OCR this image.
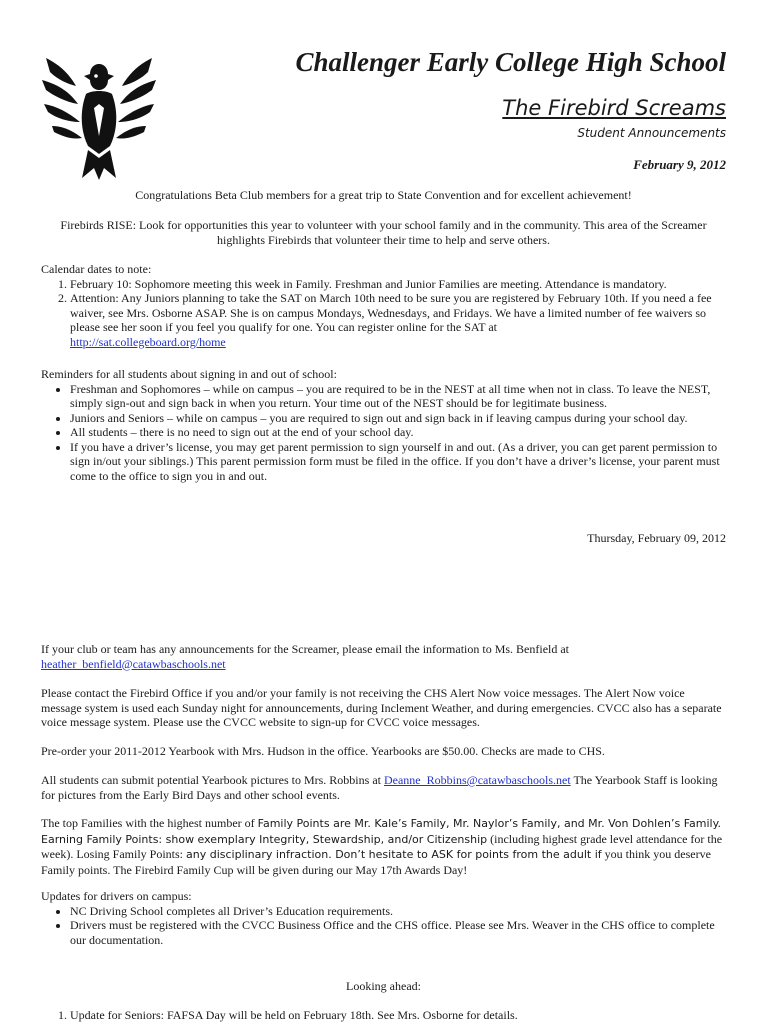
Challenger Early College High School
The Firebird Screams
Student Announcements
February 9, 2012

Congratulations Beta Club members for a great trip to State Convention and for excellent achievement!

Firebirds RISE: Look for opportunities this year to volunteer with your school family and in the community. This area of the Screamer highlights Firebirds that volunteer their time to help and serve others.

Calendar dates to note:

1. February 10: Sophomore meeting this week in Family. Freshman and Junior Families are meeting. Attendance is mandatory.
2. Attention: Any Juniors planning to take the SAT on March 10th need to be sure you are registered by February 10th. If you need a fee waiver, see Mrs. Osborne ASAP. She is on campus Mondays, Wednesdays, and Fridays. We have a limited number of fee waivers so please see her soon if you feel you qualify for one. You can register online for the SAT at
http://sat.collegeboard.org/home

Reminders for all students about signing in and out of school:

• Freshman and Sophomores – while on campus – you are required to be in the NEST at all time when not in class. To leave the NEST, simply sign-out and sign back in when you return. Your time out of the NEST should be for legitimate business.
• Juniors and Seniors – while on campus – you are required to sign out and sign back in if leaving campus during your school day.
• All students – there is no need to sign out at the end of your school day.
• If you have a driver’s license, you may get parent permission to sign yourself in and out. (As a driver, you can get parent permission to sign in/out your siblings.) This parent permission form must be filed in the office. If you don’t have a driver’s license, your parent must come to the office to sign you in and out.

Thursday, February 09, 2012

If your club or team has any announcements for the Screamer, please email the information to Ms. Benfield at
heather_benfield@catawbaschools.net

Please contact the Firebird Office if you and/or your family is not receiving the CHS Alert Now voice messages. The Alert Now voice message system is used each Sunday night for announcements, during Inclement Weather, and during emergencies. CVCC also has a separate voice message system. Please use the CVCC website to sign-up for CVCC voice messages.

Pre-order your 2011-2012 Yearbook with Mrs. Hudson in the office. Yearbooks are $50.00. Checks are made to CHS.

All students can submit potential Yearbook pictures to Mrs. Robbins at Deanne_Robbins@catawbaschools.net The Yearbook Staff is looking for pictures from the Early Bird Days and other school events.

The top Families with the highest number of Family Points are Mr. Kale’s Family, Mr. Naylor’s Family, and Mr. Von Dohlen’s Family. Earning Family Points: show exemplary Integrity, Stewardship, and/or Citizenship (including highest grade level attendance for the week). Losing Family Points: any disciplinary infraction. Don’t hesitate to ASK for points from the adult if you think you deserve Family points. The Firebird Family Cup will be given during our May 17th Awards Day!

Updates for drivers on campus:

• NC Driving School completes all Driver’s Education requirements.
• Drivers must be registered with the CVCC Business Office and the CHS office. Please see Mrs. Weaver in the CHS office to complete our documentation.

Looking ahead:

1. Update for Seniors: FAFSA Day will be held on February 18th. See Mrs. Osborne for details.
